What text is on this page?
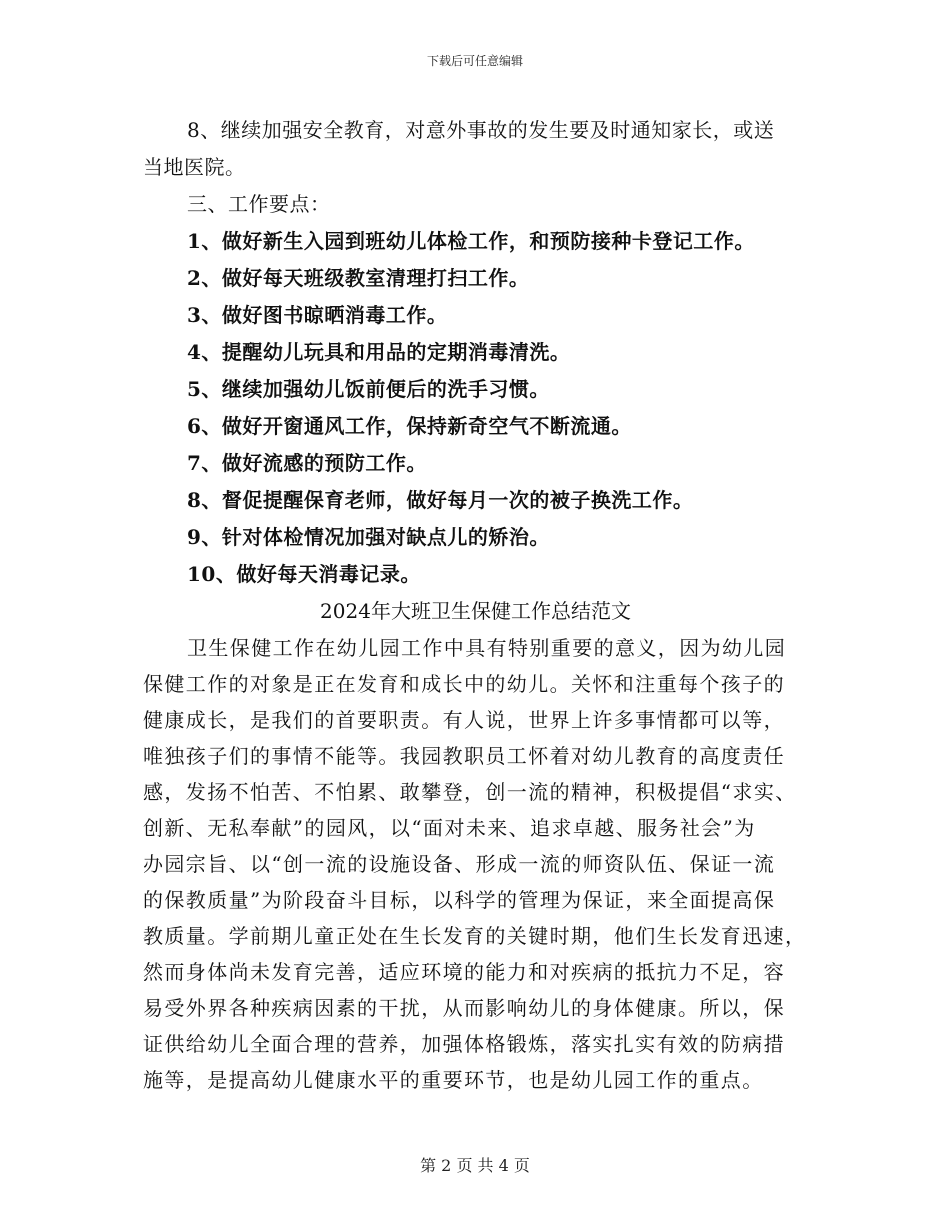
下载后可任意编辑
8、继续加强安全教育，对意外事故的发生要及时通知家长，或送
当地医院。
三、工作要点：
1、做好新生入园到班幼儿体检工作，和预防接种卡登记工作。
2、做好每天班级教室清理打扫工作。
3、做好图书晾晒消毒工作。
4、提醒幼儿玩具和用品的定期消毒清洗。
5、继续加强幼儿饭前便后的洗手习惯。
6、做好开窗通风工作，保持新奇空气不断流通。
7、做好流感的预防工作。
8、督促提醒保育老师，做好每月一次的被子换洗工作。
9、针对体检情况加强对缺点儿的矫治。
10、做好每天消毒记录。
2024年大班卫生保健工作总结范文
卫生保健工作在幼儿园工作中具有特别重要的意义，因为幼儿园
保健工作的对象是正在发育和成长中的幼儿。关怀和注重每个孩子的
健康成长，是我们的首要职责。有人说，世界上许多事情都可以等，
唯独孩子们的事情不能等。我园教职员工怀着对幼儿教育的高度责任
感，发扬不怕苦、不怕累、敢攀登，创一流的精神，积极提倡“求实、
创新、无私奉献”的园风，以“面对未来、追求卓越、服务社会”为
办园宗旨、以“创一流的设施设备、形成一流的师资队伍、保证一流
的保教质量”为阶段奋斗目标，以科学的管理为保证，来全面提高保
教质量。学前期儿童正处在生长发育的关键时期，他们生长发育迅速，
然而身体尚未发育完善，适应环境的能力和对疾病的抵抗力不足，容
易受外界各种疾病因素的干扰，从而影响幼儿的身体健康。所以，保
证供给幼儿全面合理的营养，加强体格锻炼，落实扎实有效的防病措
施等，是提高幼儿健康水平的重要环节，也是幼儿园工作的重点。
第 2 页 共 4 页
